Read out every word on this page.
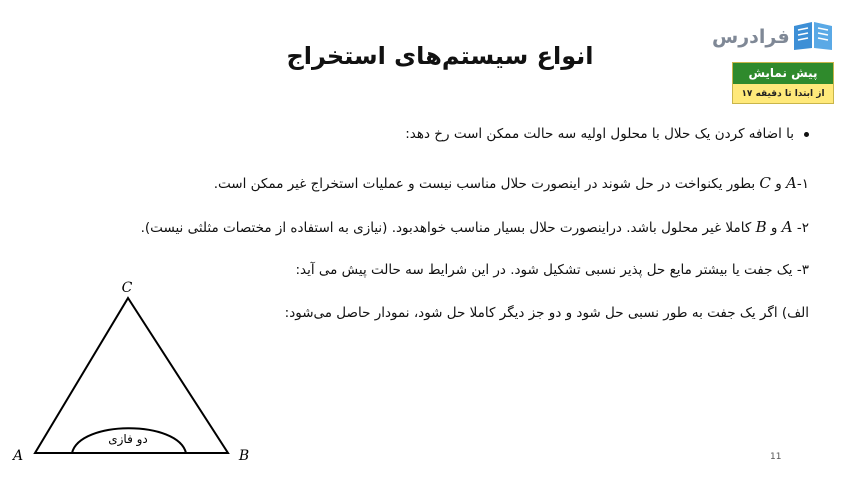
فرادرس
پیش نمایش
از ابتدا تا دقیقه ۱۷
انواع سیستم‌های استخراج
با اضافه کردن یک حلال با محلول اولیه سه حالت ممکن است رخ دهد:
۱-A و C بطور یکنواخت در حل شوند در اینصورت حلال مناسب نیست و عملیات استخراج غیر ممکن است.
۲- A و B کاملا غیر محلول باشد. دراینصورت حلال بسیار مناسب خواهدبود. (نیازی به استفاده از مختصات مثلثی نیست).
۳- یک جفت یا بیشتر مایع حل پذیر نسبی تشکیل شود. در این شرایط سه حالت پیش می آید:
الف) اگر یک جفت به طور نسبی حل شود و دو جز دیگر کاملا حل شود، نمودار حاصل می‌شود:
C
دو فازی
A	B	11
